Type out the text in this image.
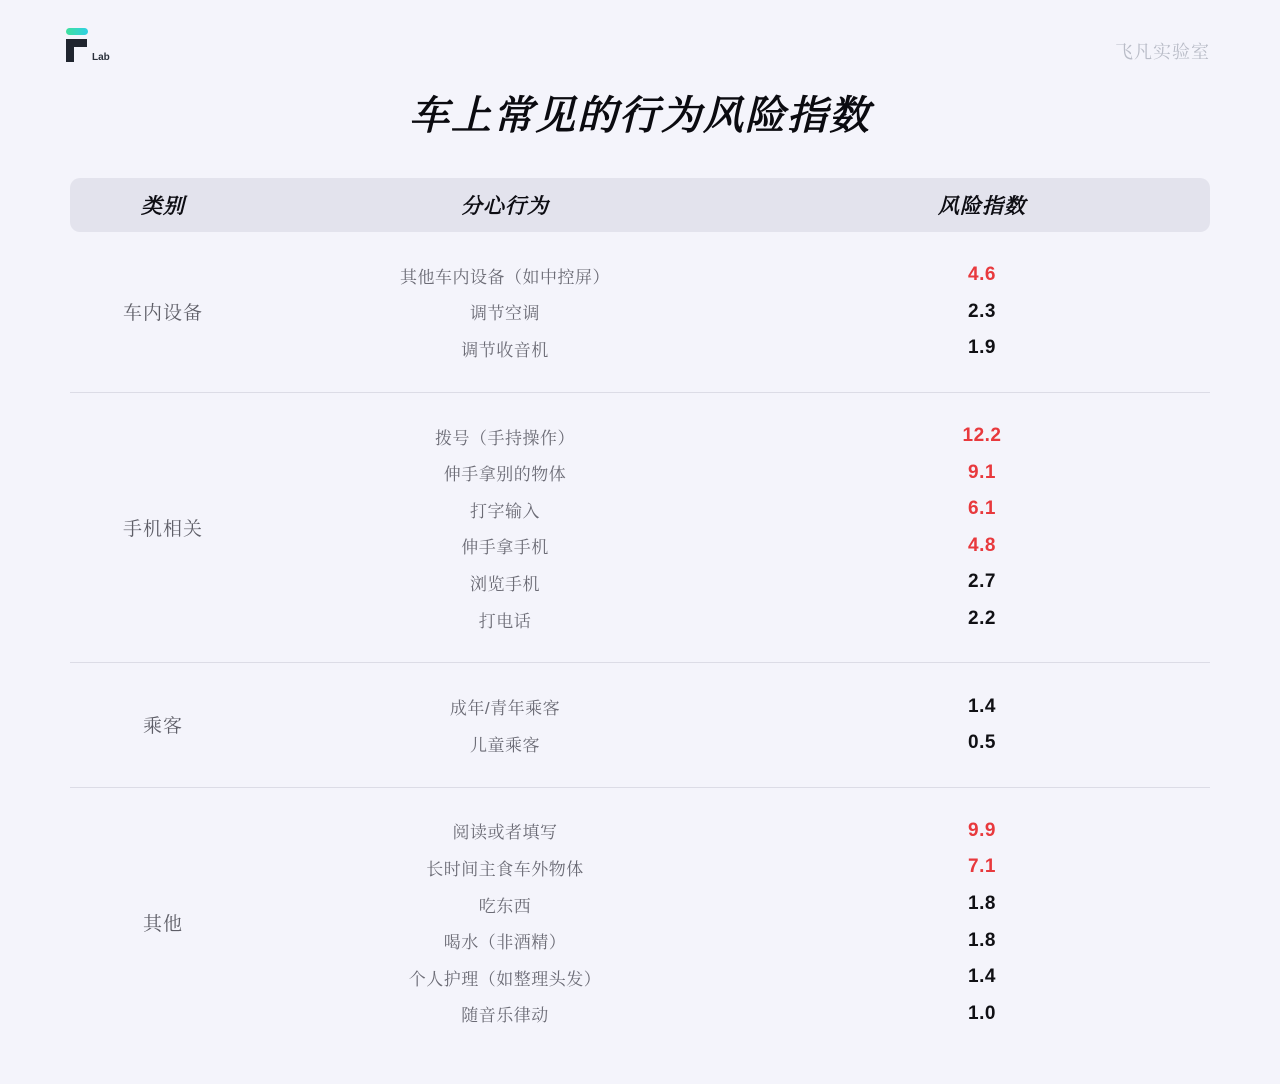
Lab	飞凡实验室
车上常见的行为风险指数
类别	分心行为	风险指数
车内设备
其他车内设备（如中控屏）	4.6
调节空调	2.3
调节收音机	1.9
手机相关
拨号（手持操作）	12.2
伸手拿别的物体	9.1
打字输入	6.1
伸手拿手机	4.8
浏览手机	2.7
打电话	2.2
乘客
成年/青年乘客	1.4
儿童乘客	0.5
其他
阅读或者填写	9.9
长时间主食车外物体	7.1
吃东西	1.8
喝水（非酒精）	1.8
个人护理（如整理头发）	1.4
随音乐律动	1.0
